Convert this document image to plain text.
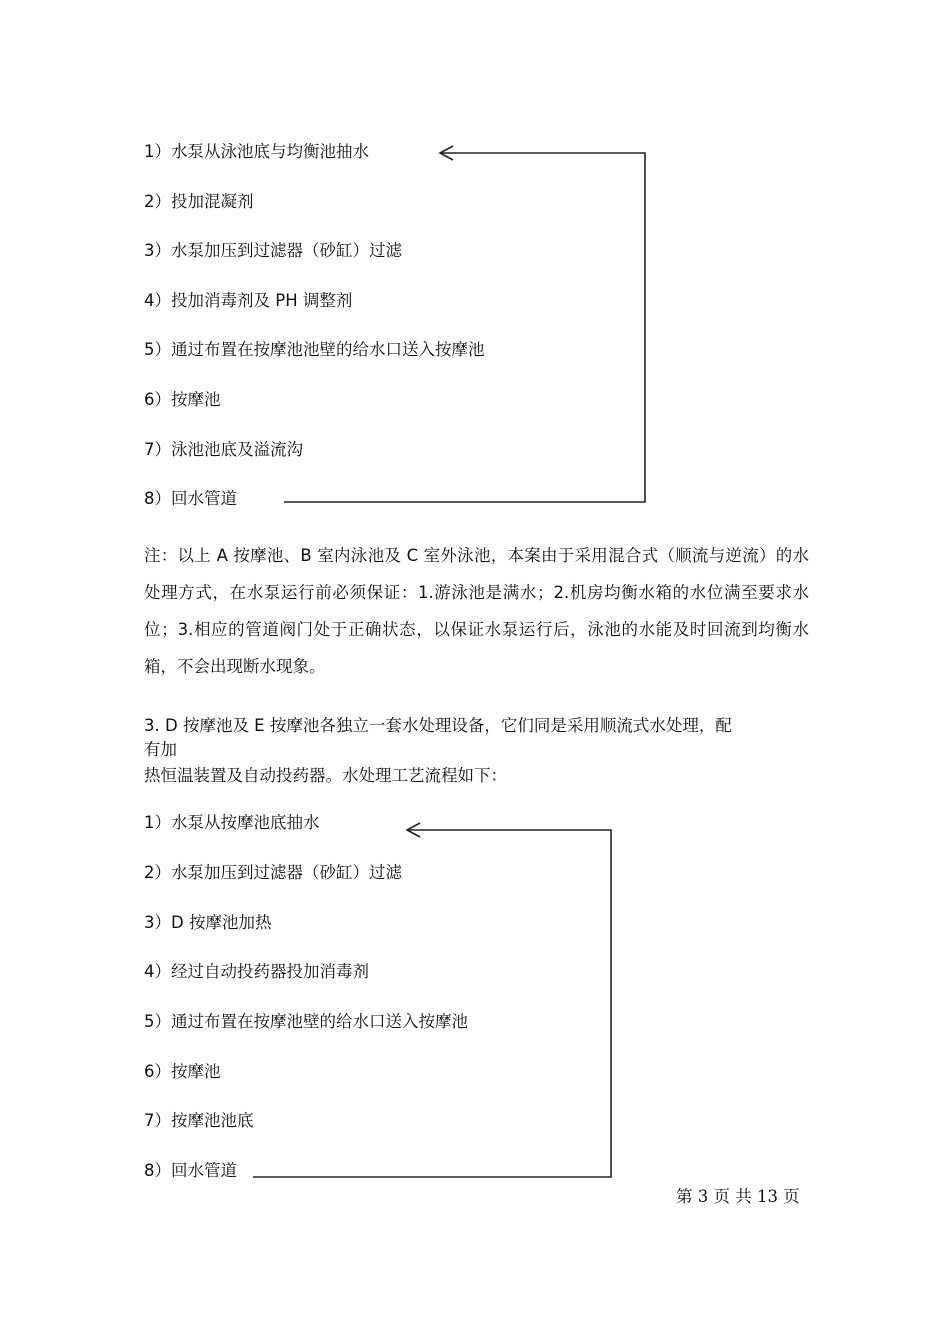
1）水泵从泳池底与均衡池抽水
2）投加混凝剂
3）水泵加压到过滤器（砂缸）过滤
4）投加消毒剂及 PH 调整剂
5）通过布置在按摩池池壁的给水口送入按摩池
6）按摩池
7）泳池池底及溢流沟
8）回水管道
注：以上 A 按摩池、B 室内泳池及 C 室外泳池，本案由于采用混合式（顺流与逆流）的水处理方式，在水泵运行前必须保证：1.游泳池是满水；2.机房均衡水箱的水位满至要求水位；3.相应的管道阀门处于正确状态，以保证水泵运行后，泳池的水能及时回流到均衡水箱，不会出现断水现象。
3. D 按摩池及 E 按摩池各独立一套水处理设备，它们同是采用顺流式水处理，配
有加
热恒温装置及自动投药器。水处理工艺流程如下：
1）水泵从按摩池底抽水
2）水泵加压到过滤器（砂缸）过滤
3）D 按摩池加热
4）经过自动投药器投加消毒剂
5）通过布置在按摩池壁的给水口送入按摩池
6）按摩池
7）按摩池池底
8）回水管道
第 3 页 共 13 页
